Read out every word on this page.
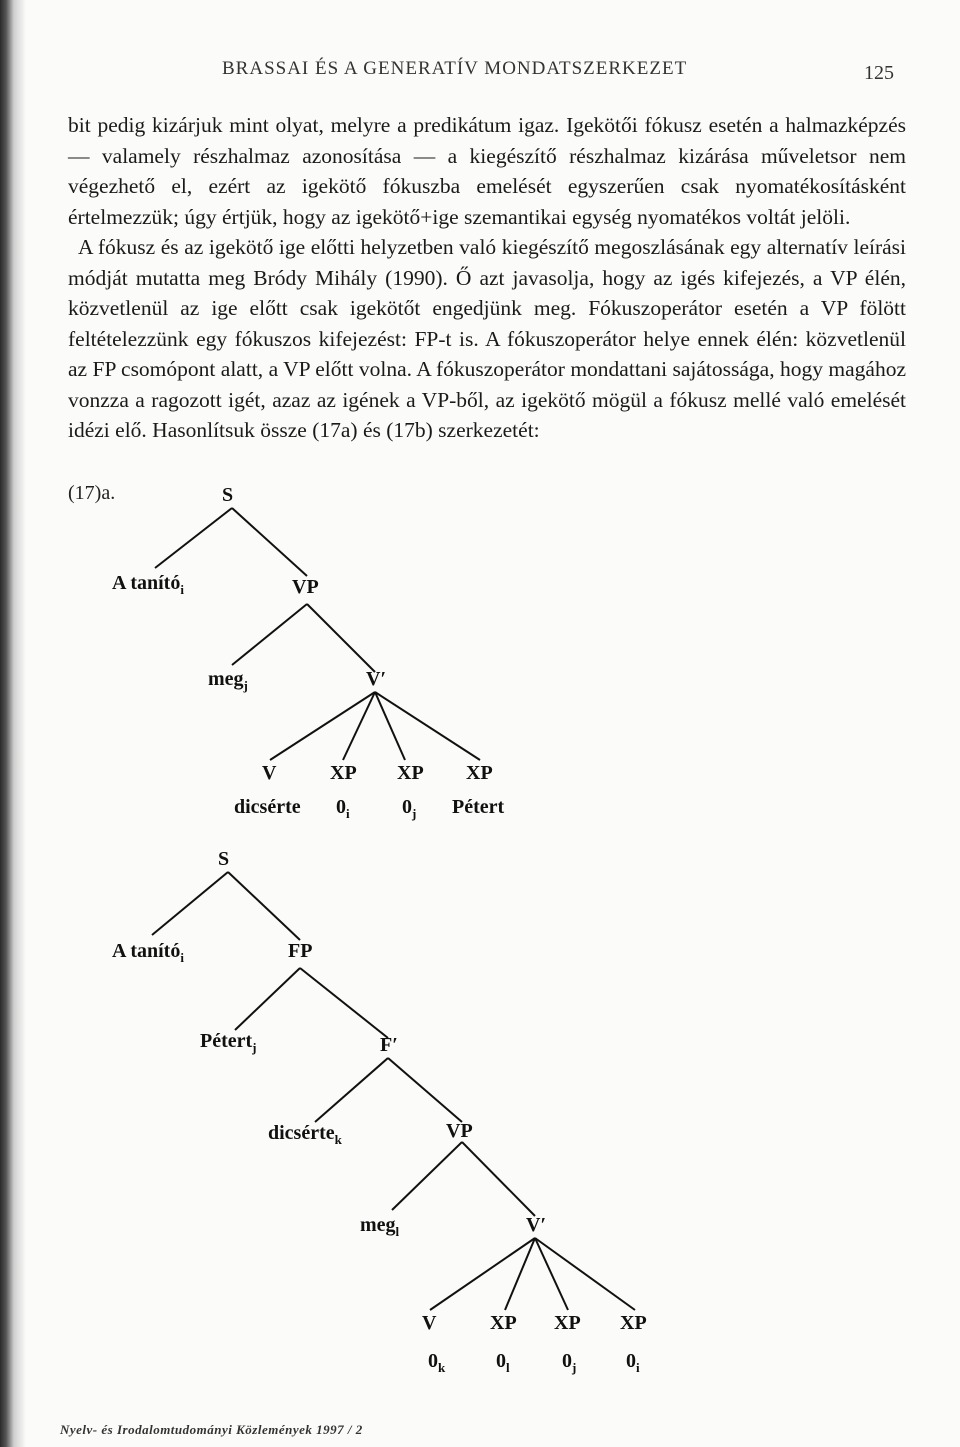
BRASSAI ÉS A GENERATÍV MONDATSZERKEZET	125

bit pedig kizárjuk mint olyat, melyre a predikátum igaz. Igekötői fókusz esetén a halmazképzés — valamely részhalmaz azonosítása — a kiegészítő részhalmaz kizárása műveletsor nem végezhető el, ezért az igekötő fókuszba emelését egyszerűen csak nyomatékosításként értelmezzük; úgy értjük, hogy az igekötő+ige szemantikai egység nyomatékos voltát jelöli.

A fókusz és az igekötő ige előtti helyzetben való kiegészítő megoszlásának egy alternatív leírási módját mutatta meg Bródy Mihály (1990). Ő azt javasolja, hogy az igés kifejezés, a VP élén, közvetlenül az ige előtt csak igekötőt engedjünk meg. Fókuszoperátor esetén a VP fölött feltételezzünk egy fókuszos kifejezést: FP-t is. A fókuszoperátor helye ennek élén: közvetlenül az FP csomópont alatt, a VP előtt volna. A fókuszoperátor mondattani sajátossága, hogy magához vonzza a ragozott igét, azaz az igének a VP-ből, az igekötő mögül a fókusz mellé való emelését idézi elő. Hasonlítsuk össze (17a) és (17b) szerkezetét:

(17)a.	S
A tanító$_i$	VP
meg$_j$	V′
V	XP XP XP
dicsérte $0_i$	$0_j$ Pétert
S
A tanító$_i$	FP
Pétert$_j$	F′
dicsérte$_k$	VP
meg$_l$	V′
V	XP XP XP
$0_k$	$0_l$	$0_j$ $0_i$
Nyelv- és Irodalomtudományi Közlemények 1997 / 2
